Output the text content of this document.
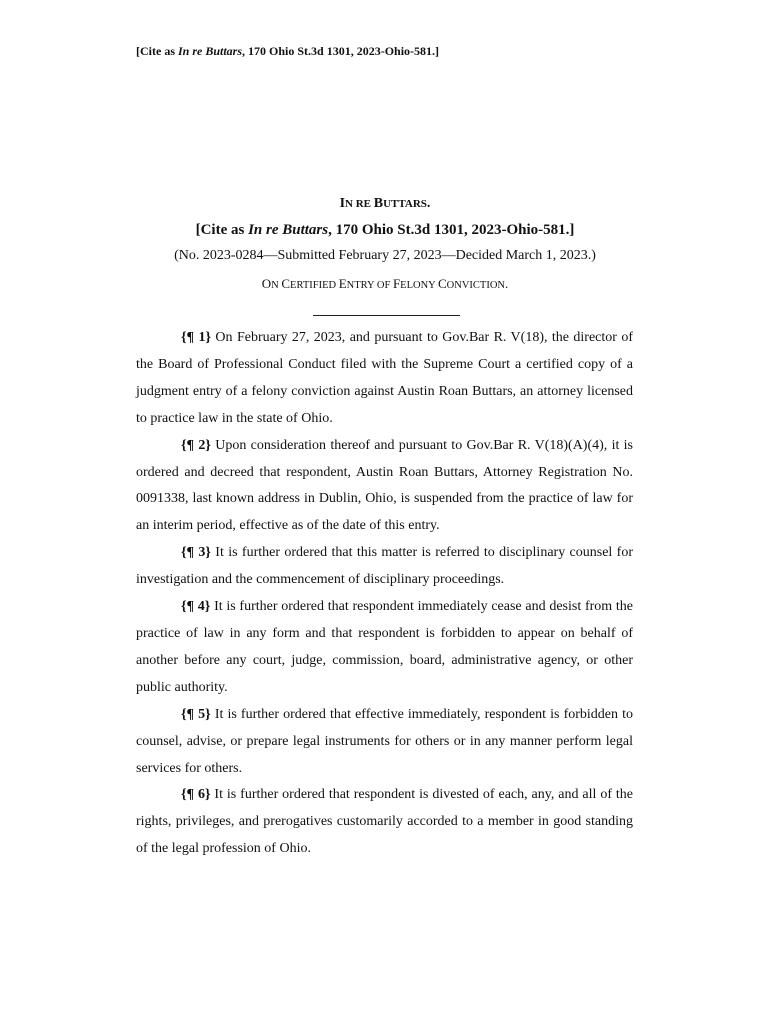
[Cite as In re Buttars, 170 Ohio St.3d 1301, 2023-Ohio-581.]
IN RE BUTTARS.
[Cite as In re Buttars, 170 Ohio St.3d 1301, 2023-Ohio-581.]
(No. 2023-0284—Submitted February 27, 2023—Decided March 1, 2023.)
ON CERTIFIED ENTRY OF FELONY CONVICTION.

{¶ 1} On February 27, 2023, and pursuant to Gov.Bar R. V(18), the director of the Board of Professional Conduct filed with the Supreme Court a certified copy of a judgment entry of a felony conviction against Austin Roan Buttars, an attorney licensed to practice law in the state of Ohio.

{¶ 2} Upon consideration thereof and pursuant to Gov.Bar R. V(18)(A)(4), it is ordered and decreed that respondent, Austin Roan Buttars, Attorney Registration No. 0091338, last known address in Dublin, Ohio, is suspended from the practice of law for an interim period, effective as of the date of this entry.

{¶ 3} It is further ordered that this matter is referred to disciplinary counsel for investigation and the commencement of disciplinary proceedings.

{¶ 4} It is further ordered that respondent immediately cease and desist from the practice of law in any form and that respondent is forbidden to appear on behalf of another before any court, judge, commission, board, administrative agency, or other public authority.

{¶ 5} It is further ordered that effective immediately, respondent is forbidden to counsel, advise, or prepare legal instruments for others or in any manner perform legal services for others.

{¶ 6} It is further ordered that respondent is divested of each, any, and all of the rights, privileges, and prerogatives customarily accorded to a member in good standing of the legal profession of Ohio.
